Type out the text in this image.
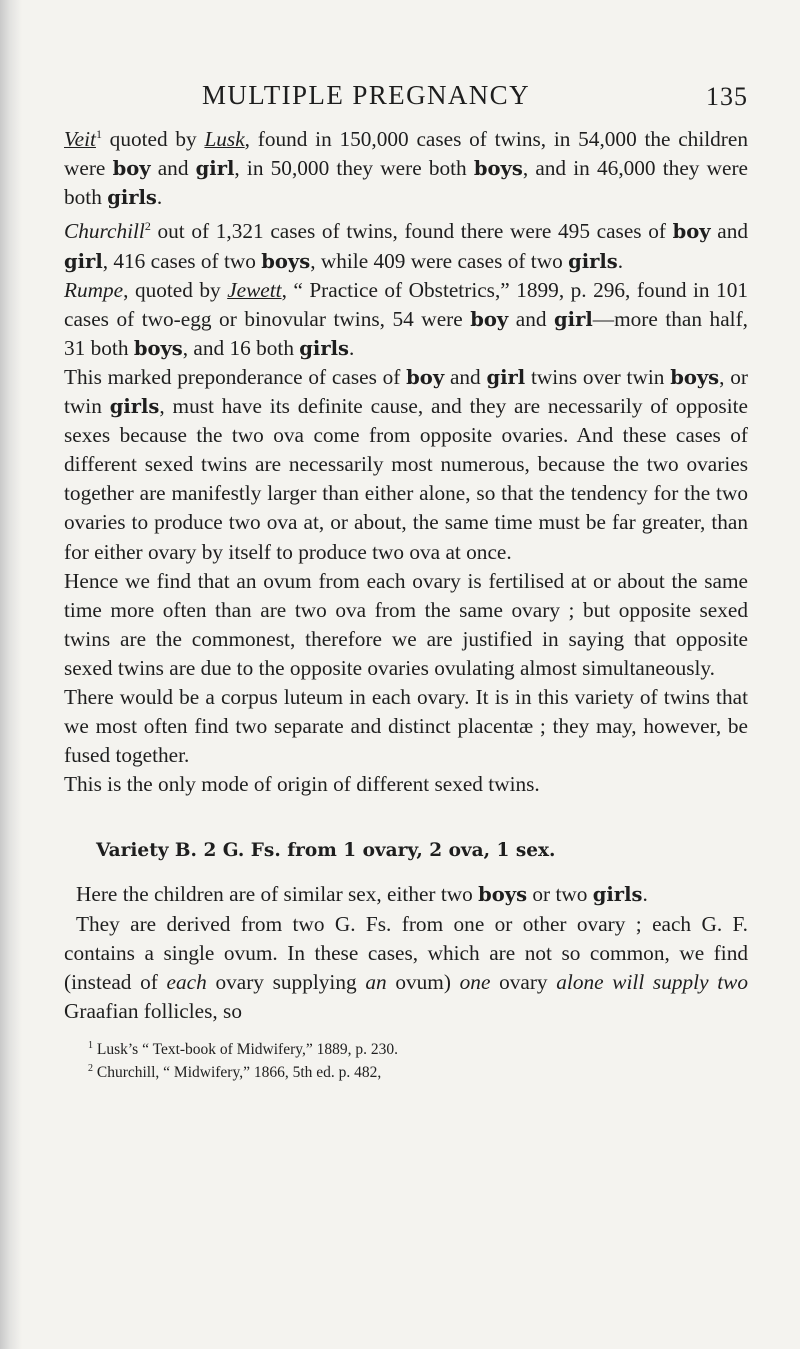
MULTIPLE PREGNANCY	135

Veit$^1$ quoted by Lusk, found in 150,000 cases of twins, in 54,000 the children were boy and girl, in 50,000 they were both boys, and in 46,000 they were both girls.

Churchill$^2$ out of 1,321 cases of twins, found there were 495 cases of boy and girl, 416 cases of two boys, while 409 were cases of two girls.

Rumpe, quoted by Jewett, “ Practice of Obstetrics,” 1899, p. 296, found in 101 cases of two-egg or binovular twins, 54 were boy and girl—more than half, 31 both boys, and 16 both girls.

This marked preponderance of cases of boy and girl twins over twin boys, or twin girls, must have its definite cause, and they are necessarily of opposite sexes because the two ova come from opposite ovaries. And these cases of different sexed twins are necessarily most numerous, because the two ovaries together are manifestly larger than either alone, so that the tendency for the two ovaries to produce two ova at, or about, the same time must be far greater, than for either ovary by itself to produce two ova at once.

Hence we find that an ovum from each ovary is fertilised at or about the same time more often than are two ova from the same ovary ; but opposite sexed twins are the commonest, therefore we are justified in saying that opposite sexed twins are due to the opposite ovaries ovulating almost simultaneously.

There would be a corpus luteum in each ovary. It is in this variety of twins that we most often find two separate and distinct placentæ ; they may, however, be fused together.

This is the only mode of origin of different sexed twins.

Variety B. 2 G. Fs. from 1 ovary, 2 ova, 1 sex.

Here the children are of similar sex, either two boys or two girls.

They are derived from two G. Fs. from one or other ovary ; each G. F. contains a single ovum. In these cases, which are not so common, we find (instead of each ovary supplying an ovum) one ovary alone will supply two Graafian follicles, so

$^1$ Lusk’s “ Text-book of Midwifery,” 1889, p. 230.

$^2$ Churchill, “ Midwifery,” 1866, 5th ed. p. 482,
